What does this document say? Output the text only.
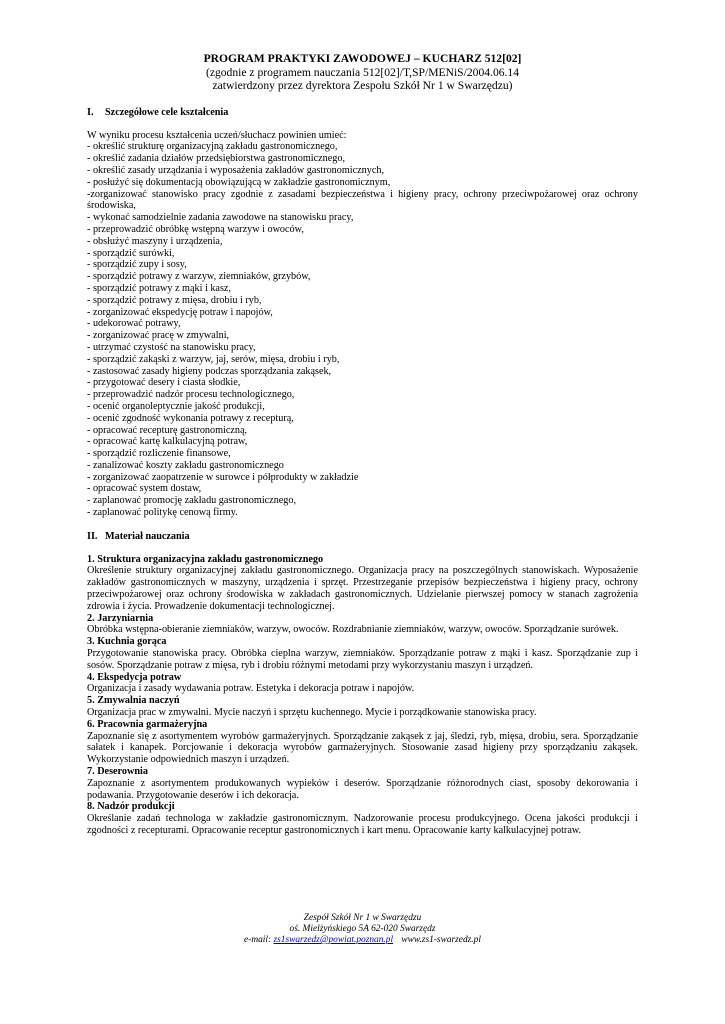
PROGRAM PRAKTYKI ZAWODOWEJ – KUCHARZ 512[02]
(zgodnie z programem nauczania 512[02]/T,SP/MENiS/2004.06.14
zatwierdzony przez dyrektora Zespołu Szkół Nr 1 w Swarzędzu)
I. Szczegółowe cele kształcenia

W wyniku procesu kształcenia uczeń/słuchacz powinien umieć:

- określić strukturę organizacyjną zakładu gastronomicznego,
- określić zadania działów przedsiębiorstwa gastronomicznego,
- określić zasady urządzania i wyposażenia zakładów gastronomicznych,
- posłużyć się dokumentacją obowiązującą w zakładzie gastronomicznym,
-zorganizować stanowisko pracy zgodnie z zasadami bezpieczeństwa i higieny pracy, ochrony przeciwpożarowej oraz ochrony środowiska,
- wykonać samodzielnie zadania zawodowe na stanowisku pracy,
- przeprowadzić obróbkę wstępną warzyw i owoców,
- obsłużyć maszyny i urządzenia,
- sporządzić surówki,
- sporządzić zupy i sosy,
- sporządzić potrawy z warzyw, ziemniaków, grzybów,
- sporządzić potrawy z mąki i kasz,
- sporządzić potrawy z mięsa, drobiu i ryb,
- zorganizować ekspedycję potraw i napojów,
- udekorować potrawy,
- zorganizować pracę w zmywalni,
- utrzymać czystość na stanowisku pracy,
- sporządzić zakąski z warzyw, jaj, serów, mięsa, drobiu i ryb,
- zastosować zasady higieny podczas sporządzania zakąsek,
- przygotować desery i ciasta słodkie,
- przeprowadzić nadzór procesu technologicznego,
- ocenić organoleptycznie jakość produkcji,
- ocenić zgodność wykonania potrawy z recepturą,
- opracować recepturę gastronomiczną,
- opracować kartę kalkulacyjną potraw,
- sporządzić rozliczenie finansowe,
- zanalizować koszty zakładu gastronomicznego
- zorganizować zaopatrzenie w surowce i półprodukty w zakładzie
- opracować system dostaw,
- zaplanować promocję zakładu gastronomicznego,
- zaplanować politykę cenową firmy.
II. Materiał nauczania
1. Struktura organizacyjna zakładu gastronomicznego
Określenie struktury organizacyjnej zakładu gastronomicznego. Organizacja pracy na poszczególnych stanowiskach. Wyposażenie zakładów gastronomicznych w maszyny, urządzenia i sprzęt. Przestrzeganie przepisów bezpieczeństwa i higieny pracy, ochrony przeciwpożarowej oraz ochrony środowiska w zakładach gastronomicznych. Udzielanie pierwszej pomocy w stanach zagrożenia zdrowia i życia. Prowadzenie dokumentacji technologicznej.
2. Jarzyniarnia
Obróbka wstępna-obieranie ziemniaków, warzyw, owoców. Rozdrabnianie ziemniaków, warzyw, owoców. Sporządzanie surówek.
3. Kuchnia gorąca
Przygotowanie stanowiska pracy. Obróbka cieplna warzyw, ziemniaków. Sporządzanie potraw z mąki i kasz. Sporządzanie zup i sosów. Sporządzanie potraw z mięsa, ryb i drobiu różnymi metodami przy wykorzystaniu maszyn i urządzeń.
4. Ekspedycja potraw
Organizacja i zasady wydawania potraw. Estetyka i dekoracja potraw i napojów.
5. Zmywalnia naczyń
Organizacja prac w zmywalni. Mycie naczyń i sprzętu kuchennego. Mycie i porządkowanie stanowiska pracy.
6. Pracownia garmażeryjna
Zapoznanie się z asortymentem wyrobów garmażeryjnych. Sporządzanie zakąsek z jaj, śledzi, ryb, mięsa, drobiu, sera. Sporządzanie sałatek i kanapek. Porcjowanie i dekoracja wyrobów garmażeryjnych. Stosowanie zasad higieny przy sporządzaniu zakąsek. Wykorzystanie odpowiednich maszyn i urządzeń.
7. Deserownia
Zapoznanie z asortymentem produkowanych wypieków i deserów. Sporządzanie różnorodnych ciast, sposoby dekorowania i podawania. Przygotowanie deserów i ich dekoracja.
8. Nadzór produkcji
Określanie zadań technologa w zakładzie gastronomicznym. Nadzorowanie procesu produkcyjnego. Ocena jakości produkcji i zgodności z recepturami. Opracowanie receptur gastronomicznych i kart menu. Opracowanie karty kalkulacyjnej potraw.
Zespół Szkół Nr 1 w Swarzędzu
oś. Mielżyńskiego 5A 62-020 Swarzędz
e-mail: zs1swarzedz@powiat.poznan.pl www.zs1-swarzedz.pl
